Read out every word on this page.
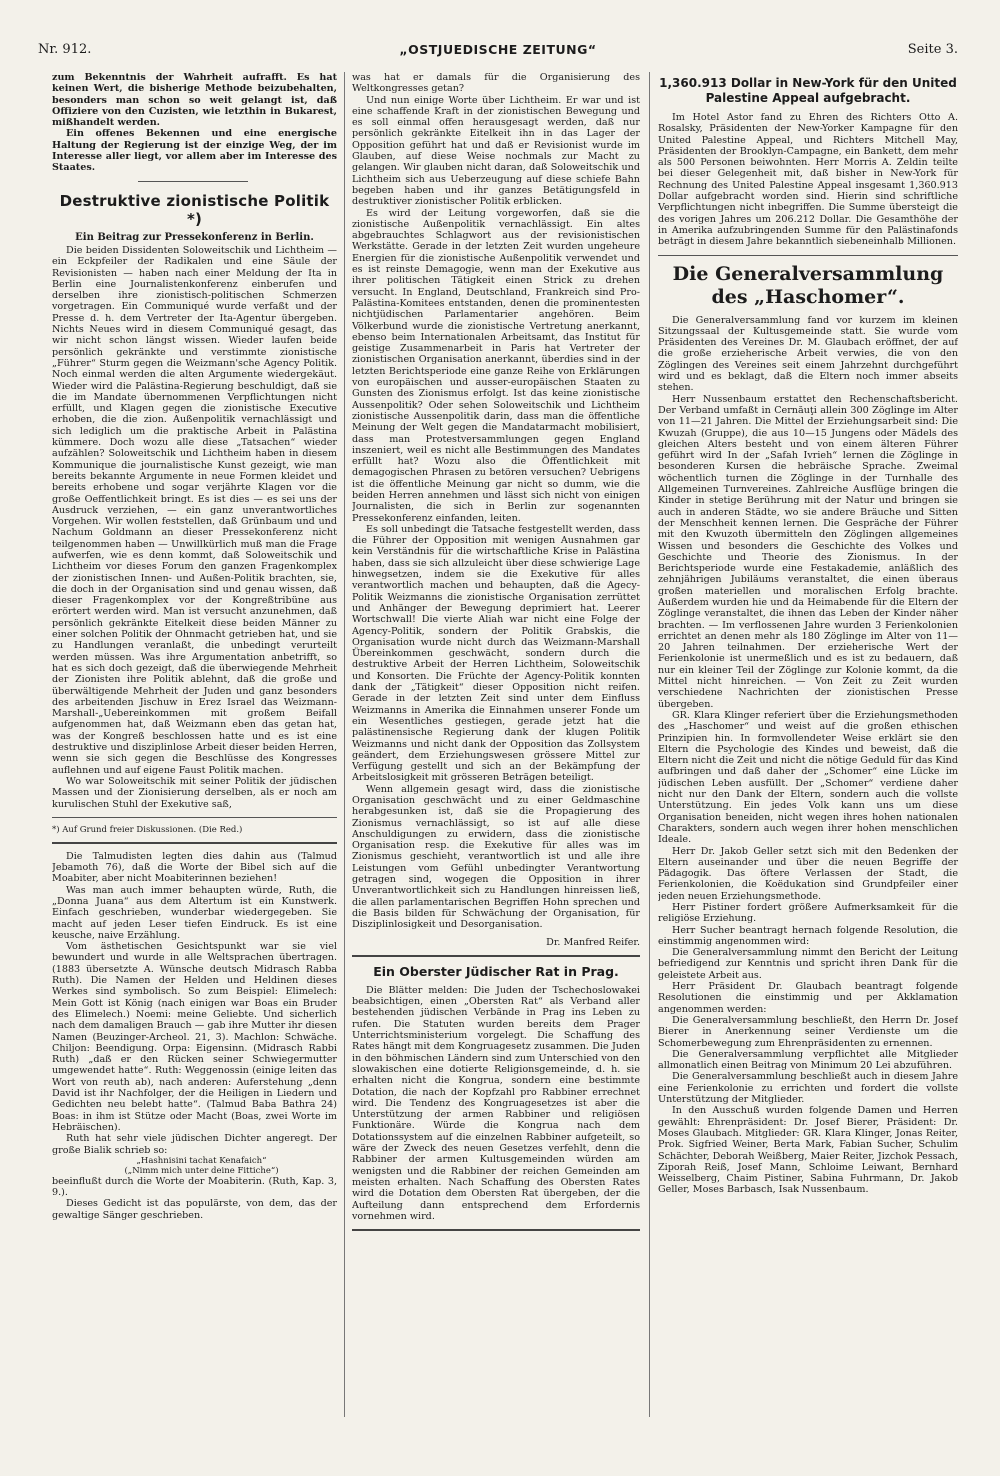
Nr. 912.	„OSTJUEDISCHE ZEITUNG“	Seite 3.

zum Bekenntnis der Wahrheit aufrafft. Es hat keinen Wert, die bisherige Methode beizubehalten, besonders man schon so weit gelangt ist, daß Offiziere von den Cuzisten, wie letzthin in Bukarest, mißhandelt werden.

Ein offenes Bekennen und eine energische Haltung der Regierung ist der einzige Weg, der im Interesse aller liegt, vor allem aber im Interesse des Staates.

Destruktive zionistische Politik *)
Ein Beitrag zur Pressekonferenz in Berlin.

Die beiden Dissidenten Soloweitschik und Lichtheim — ein Eckpfeiler der Radikalen und eine Säule der Revisionisten — haben nach einer Meldung der Ita in Berlin eine Journalistenkonferenz einberufen und derselben ihre zionistisch-politischen Schmerzen vorgetragen. Ein Communiqué wurde verfaßt und der Presse d. h. dem Vertreter der Ita-Agentur übergeben. Nichts Neues wird in diesem Communiqué gesagt, das wir nicht schon längst wissen. Wieder laufen beide persönlich gekränkte und verstimmte zionistische „Führer“ Sturm gegen die Weizmann'sche Agency Politik. Noch einmal werden die alten Argumente wiedergekäut. Wieder wird die Palästina-Regierung beschuldigt, daß sie die im Mandate übernommenen Verpflichtungen nicht erfüllt, und Klagen gegen die zionistische Executive erhoben, die die zion. Außenpolitik vernachlässigt und sich lediglich um die praktische Arbeit in Palästina kümmere. Doch wozu alle diese „Tatsachen“ wieder aufzählen? Soloweitschik und Lichtheim haben in diesem Kommunique die journalistische Kunst gezeigt, wie man bereits bekannte Argumente in neue Formen kleidet und bereits erhobene und sogar verjährte Klagen vor die große Oeffentlichkeit bringt. Es ist dies — es sei uns der Ausdruck verziehen, — ein ganz unverantwortliches Vorgehen. Wir wollen feststellen, daß Grünbaum und und Nachum Goldmann an dieser Pressekonferenz nicht teilgenommen haben — Unwillkürlich muß man die Frage aufwerfen, wie es denn kommt, daß Soloweitschik und Lichtheim vor dieses Forum den ganzen Fragenkomplex der zionistischen Innen- und Außen-Politik brachten, sie, die doch in der Organisation sind und genau wissen, daß dieser Fragenkomplex vor der Kongreßtribüne aus erörtert werden wird. Man ist versucht anzunehmen, daß persönlich gekränkte Eitelkeit diese beiden Männer zu einer solchen Politik der Ohnmacht getrieben hat, und sie zu Handlungen veranlaßt, die unbedingt verurteilt werden müssen. Was ihre Argumentation anbetrifft, so hat es sich doch gezeigt, daß die überwiegende Mehrheit der Zionisten ihre Politik ablehnt, daß die große und überwältigende Mehrheit der Juden und ganz besonders des arbeitenden Jischuw in Erez Israel das Weizmann-Marshall-„Uebereinkommen mit großem Beifall aufgenommen hat, daß Weizmann eben das getan hat, was der Kongreß beschlossen hatte und es ist eine destruktive und disziplinlose Arbeit dieser beiden Herren, wenn sie sich gegen die Beschlüsse des Kongresses auflehnen und auf eigene Faust Politik machen.

Wo war Soloweitschik mit seiner Politik der jüdischen Massen und der Zionisierung derselben, als er noch am kurulischen Stuhl der Exekutive saß,

*) Auf Grund freier Diskussionen. (Die Red.)

Die Talmudisten legten dies dahin aus (Talmud Jebamoth 76), daß die Worte der Bibel sich auf die Moabiter, aber nicht Moabiterinnen beziehen!

Was man auch immer behaupten würde, Ruth, die „Donna Juana“ aus dem Altertum ist ein Kunstwerk. Einfach geschrieben, wunderbar wiedergegeben. Sie macht auf jeden Leser tiefen Eindruck. Es ist eine keusche, naive Erzählung.

Vom ästhetischen Gesichtspunkt war sie viel bewundert und wurde in alle Weltsprachen übertragen. (1883 übersetzte A. Wünsche deutsch Midrasch Rabba Ruth). Die Namen der Helden und Heldinen dieses Werkes sind symbolisch. So zum Beispiel: Elimelech: Mein Gott ist König (nach einigen war Boas ein Bruder des Elimelech.) Noemi: meine Geliebte. Und sicherlich nach dem damaligen Brauch — gab ihre Mutter ihr diesen Namen (Beuzinger-Archeol. 21, 3). Machlon: Schwäche. Chiljon: Beendigung. Orpa: Eigensinn. (Midrasch Rabbi Ruth) „daß er den Rücken seiner Schwiegermutter umgewendet hatte“. Ruth: Weggenossin (einige leiten das Wort von reuth ab), nach anderen: Auferstehung „denn David ist ihr Nachfolger, der die Heiligen in Liedern und Gedichten neu belebt hatte“. (Talmud Baba Bathra 24) Boas: in ihm ist Stütze oder Macht (Boas, zwei Worte im Hebräischen).

Ruth hat sehr viele jüdischen Dichter angeregt. Der große Bialik schrieb so:

„Hashnisini tachat Kenafaich“

(„Nimm mich unter deine Fittiche“)

beeinflußt durch die Worte der Moabiterin. (Ruth, Kap. 3, 9.).

Dieses Gedicht ist das populärste, von dem, das der gewaltige Sänger geschrieben.

was hat er damals für die Organisierung des Weltkongresses getan?

Und nun einige Worte über Lichtheim. Er war und ist eine schaffende Kraft in der zionistischen Bewegung und es soll einmal offen herausgesagt werden, daß nur persönlich gekränkte Eitelkeit ihn in das Lager der Opposition geführt hat und daß er Revisionist wurde im Glauben, auf diese Weise nochmals zur Macht zu gelangen. Wir glauben nicht daran, daß Soloweitschik und Lichtheim sich aus Ueberzeugung auf diese schiefe Bahn begeben haben und ihr ganzes Betätigungsfeld in destruktiver zionistischer Politik erblicken.

Es wird der Leitung vorgeworfen, daß sie die zionistische Außenpolitik vernachlässigt. Ein altes abgebrauchtes Schlagwort aus der revisionistischen Werkstätte. Gerade in der letzten Zeit wurden ungeheure Energien für die zionistische Außenpolitik verwendet und es ist reinste Demagogie, wenn man der Exekutive aus ihrer politischen Tätigkeit einen Strick zu drehen versucht. In England, Deutschland, Frankreich sind Pro-Palästina-Komitees entstanden, denen die prominentesten nichtjüdischen Parlamentarier angehören. Beim Völkerbund wurde die zionistische Vertretung anerkannt, ebenso beim Internationalen Arbeitsamt, das Institut für geistige Zusammenarbeit in Paris hat Vertreter der zionistischen Organisation anerkannt, überdies sind in der letzten Berichtsperiode eine ganze Reihe von Erklärungen von europäischen und ausser-europäischen Staaten zu Gunsten des Zionismus erfolgt. Ist das keine zionistische Aussenpolitik? Oder sehen Soloweitschik und Lichtheim zionistische Aussenpolitik darin, dass man die öffentliche Meinung der Welt gegen die Mandatarmacht mobilisiert, dass man Protestversammlungen gegen England inszeniert, weil es nicht alle Bestimmungen des Mandates erfüllt hat? Wozu also die Öffentlichkeit mit demagogischen Phrasen zu betören versuchen? Uebrigens ist die öffentliche Meinung gar nicht so dumm, wie die beiden Herren annehmen und lässt sich nicht von einigen Journalisten, die sich in Berlin zur sogenannten Pressekonferenz einfanden, leiten.

Es soll unbedingt die Tatsache festgestellt werden, dass die Führer der Opposition mit wenigen Ausnahmen gar kein Verständnis für die wirtschaftliche Krise in Palästina haben, dass sie sich allzuleicht über diese schwierige Lage hinwegsetzen, indem sie die Exekutive für alles verantwortlich machen und behaupten, daß die Agecy-Politik Weizmanns die zionistische Organisation zerrüttet und Anhänger der Bewegung deprimiert hat. Leerer Wortschwall! Die vierte Aliah war nicht eine Folge der Agency-Politik, sondern der Politik Grabskis, die Organisation wurde nicht durch das Weizmann-Marshall Übereinkommen geschwächt, sondern durch die destruktive Arbeit der Herren Lichtheim, Soloweitschik und Konsorten. Die Früchte der Agency-Politik konnten dank der „Tätigkeit“ dieser Opposition nicht reifen. Gerade in der letzten Zeit sind unter dem Einfluss Weizmanns in Amerika die Einnahmen unserer Fonde um ein Wesentliches gestiegen, gerade jetzt hat die palästinensische Regierung dank der klugen Politik Weizmanns und nicht dank der Opposition das Zollsystem geändert, dem Erziehungswesen grössere Mittel zur Verfügung gestellt und sich an der Bekämpfung der Arbeitslosigkeit mit grösseren Beträgen beteiligt.

Wenn allgemein gesagt wird, dass die zionistische Organisation geschwächt und zu einer Geldmaschine herabgesunken ist, daß sie die Propagierung des Zionismus vernachlässigt, so ist auf alle diese Anschuldigungen zu erwidern, dass die zionistische Organisation resp. die Exekutive für alles was im Zionismus geschieht, verantwortlich ist und alle ihre Leistungen vom Gefühl unbedingter Verantwortung getragen sind, wogegen die Opposition in ihrer Unverantwortlichkeit sich zu Handlungen hinreissen ließ, die allen parlamentarischen Begriffen Hohn sprechen und die Basis bilden für Schwächung der Organisation, für Disziplinlosigkeit und Desorganisation.

Dr. Manfred Reifer.
Ein Oberster Jüdischer Rat in Prag.

Die Blätter melden: Die Juden der Tschechoslowakei beabsichtigen, einen „Obersten Rat“ als Verband aller bestehenden jüdischen Verbände in Prag ins Leben zu rufen. Die Statuten wurden bereits dem Prager Unterrichtsministerium vorgelegt. Die Schaffung des Rates hängt mit dem Kongruagesetz zusammen. Die Juden in den böhmischen Ländern sind zum Unterschied von den slowakischen eine dotierte Religionsgemeinde, d. h. sie erhalten nicht die Kongrua, sondern eine bestimmte Dotation, die nach der Kopfzahl pro Rabbiner errechnet wird. Die Tendenz des Kongruagesetzes ist aber die Unterstützung der armen Rabbiner und religiösen Funktionäre. Würde die Kongrua nach dem Dotationssystem auf die einzelnen Rabbiner aufgeteilt, so wäre der Zweck des neuen Gesetzes verfehlt, denn die Rabbiner der armen Kultusgemeinden würden am wenigsten und die Rabbiner der reichen Gemeinden am meisten erhalten. Nach Schaffung des Obersten Rates wird die Dotation dem Obersten Rat übergeben, der die Aufteilung dann entsprechend dem Erfordernis vornehmen wird.

1,360.913 Dollar in New-York für den United Palestine Appeal aufgebracht.

Im Hotel Astor fand zu Ehren des Richters Otto A. Rosalsky, Präsidenten der New-Yorker Kampagne für den United Palestine Appeal, und Richters Mitchell May, Präsidenten der Brooklyn-Campagne, ein Bankett, dem mehr als 500 Personen beiwohnten. Herr Morris A. Zeldin teilte bei dieser Gelegenheit mit, daß bisher in New-York für Rechnung des United Palestine Appeal insgesamt 1,360.913 Dollar aufgebracht worden sind. Hierin sind schriftliche Verpflichtungen nicht inbegriffen. Die Summe übersteigt die des vorigen Jahres um 206.212 Dollar. Die Gesamthöhe der in Amerika aufzubringenden Summe für den Palästinafonds beträgt in diesem Jahre bekanntlich siebeneinhalb Millionen.

Die Generalversammlung des „Haschomer“.

Die Generalversammlung fand vor kurzem im kleinen Sitzungssaal der Kultusgemeinde statt. Sie wurde vom Präsidenten des Vereines Dr. M. Glaubach eröffnet, der auf die große erzieherische Arbeit verwies, die von den Zöglingen des Vereines seit einem Jahrzehnt durchgeführt wird und es beklagt, daß die Eltern noch immer abseits stehen.

Herr Nussenbaum erstattet den Rechenschaftsbericht. Der Verband umfaßt in Cernăuţi allein 300 Zöglinge im Alter von 11—21 Jahren. Die Mittel der Erziehungsarbeit sind: Die Kwuzah (Gruppe), die aus 10—15 Jungens oder Mädels des gleichen Alters besteht und von einem älteren Führer geführt wird In der „Safah Ivrieh“ lernen die Zöglinge in besonderen Kursen die hebräische Sprache. Zweimal wöchentlich turnen die Zöglinge in der Turnhalle des Allgemeinen Turnvereines. Zahlreiche Ausflüge bringen die Kinder in stetige Berührung mit der Natur und bringen sie auch in anderen Städte, wo sie andere Bräuche und Sitten der Menschheit kennen lernen. Die Gespräche der Führer mit den Kwuzoth übermitteln den Zöglingen allgemeines Wissen und besonders die Geschichte des Volkes und Geschichte und Theorie des Zionismus. In der Berichtsperiode wurde eine Festakademie, anläßlich des zehnjährigen Jubiläums veranstaltet, die einen überaus großen materiellen und moralischen Erfolg brachte. Außerdem wurden hie und da Heimabende für die Eltern der Zöglinge veranstaltet, die ihnen das Leben der Kinder näher brachten. — Im verflossenen Jahre wurden 3 Ferienkolonien errichtet an denen mehr als 180 Zöglinge im Alter von 11—20 Jahren teilnahmen. Der erzieherische Wert der Ferienkolonie ist unermeßlich und es ist zu bedauern, daß nur ein kleiner Teil der Zöglinge zur Kolonie kommt, da die Mittel nicht hinreichen. — Von Zeit zu Zeit wurden verschiedene Nachrichten der zionistischen Presse übergeben.

GR. Klara Klinger referiert über die Erziehungsmethoden des „Haschomer“ und weist auf die großen ethischen Prinzipien hin. In formvollendeter Weise erklärt sie den Eltern die Psychologie des Kindes und beweist, daß die Eltern nicht die Zeit und nicht die nötige Geduld für das Kind aufbringen und daß daher der „Schomer“ eine Lücke im jüdischen Leben ausfüllt. Der „Schomer“ verdiene daher nicht nur den Dank der Eltern, sondern auch die vollste Unterstützung. Ein jedes Volk kann uns um diese Organisation beneiden, nicht wegen ihres hohen nationalen Charakters, sondern auch wegen ihrer hohen menschlichen Ideale.

Herr Dr. Jakob Geller setzt sich mit den Bedenken der Eltern auseinander und über die neuen Begriffe der Pädagogik. Das öftere Verlassen der Stadt, die Ferienkolonien, die Koëdukation sind Grundpfeiler einer jeden neuen Erziehungsmethode.

Herr Pistiner fordert größere Aufmerksamkeit für die religiöse Erziehung.

Herr Sucher beantragt hernach folgende Resolution, die einstimmig angenommen wird:

Die Generalversammlung nimmt den Bericht der Leitung befriedigend zur Kenntnis und spricht ihren Dank für die geleistete Arbeit aus.

Herr Präsident Dr. Glaubach beantragt folgende Resolutionen die einstimmig und per Akklamation angenommen werden:

Die Generalversammlung beschließt, den Herrn Dr. Josef Bierer in Anerkennung seiner Verdienste um die Schomerbewegung zum Ehrenpräsidenten zu ernennen.

Die Generalversammlung verpflichtet alle Mitglieder allmonatlich einen Beitrag von Minimum 20 Lei abzuführen.

Die Generalversammlung beschließt auch in diesem Jahre eine Ferienkolonie zu errichten und fordert die vollste Unterstützung der Mitglieder.

In den Ausschuß wurden folgende Damen und Herren gewählt: Ehrenpräsident: Dr. Josef Bierer, Präsident: Dr. Moses Glaubach. Mitglieder: GR. Klara Klinger, Jonas Reiter, Prok. Sigfried Weiner, Berta Mark, Fabian Sucher, Schulim Schächter, Deborah Weißberg, Maier Reiter, Jizchok Pessach, Ziporah Reiß, Josef Mann, Schloime Leiwant, Bernhard Weisselberg, Chaim Pistiner, Sabina Fuhrmann, Dr. Jakob Geller, Moses Barbasch, Isak Nussenbaum.
